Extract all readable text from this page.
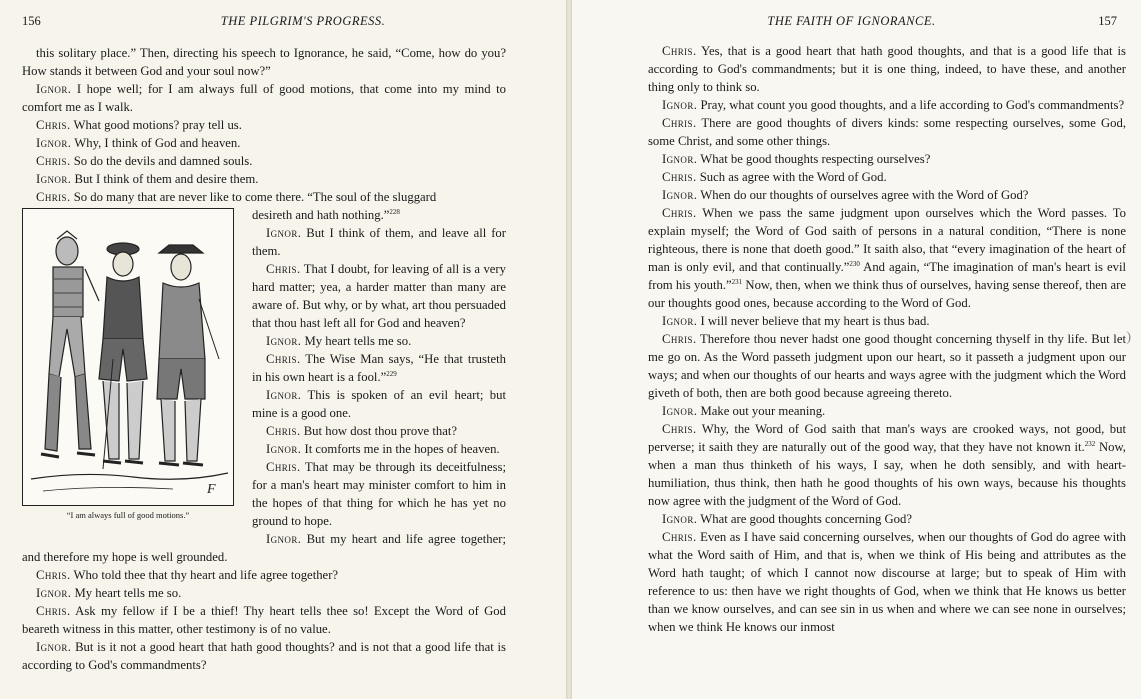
156	THE PILGRIM'S PROGRESS.

this solitary place.” Then, directing his speech to Ignorance, he said, “Come, how do you? How stands it between God and your soul now?”

Ignor. I hope well; for I am always full of good motions, that come into my mind to comfort me as I walk.

Chris. What good motions? pray tell us.

Ignor. Why, I think of God and heaven.

Chris. So do the devils and damned souls.

Ignor. But I think of them and desire them.

Chris. So do many that are never like to come there. “The soul of the sluggard

F
“I am always full of good motions.”

desireth and hath nothing.”$^{228}$

Ignor. But I think of them, and leave all for them.

Chris. That I doubt, for leaving of all is a very hard matter; yea, a harder matter than many are aware of. But why, or by what, art thou persuaded that thou hast left all for God and heaven?

Ignor. My heart tells me so.

Chris. The Wise Man says, “He that trusteth in his own heart is a fool.”$^{229}$

Ignor. This is spoken of an evil heart; but mine is a good one.

Chris. But how dost thou prove that?

Ignor. It comforts me in the hopes of heaven.

Chris. That may be through its deceitfulness; for a man's heart may minister comfort to him in the hopes of that thing for which he has yet no ground to hope.

Ignor. But my heart and life agree together; and therefore my hope is well grounded.

Chris. Who told thee that thy heart and life agree together?

Ignor. My heart tells me so.

Chris. Ask my fellow if I be a thief! Thy heart tells thee so! Except the Word of God beareth witness in this matter, other testimony is of no value.

Ignor. But is it not a good heart that hath good thoughts? and is not that a good life that is according to God's commandments?

THE FAITH OF IGNORANCE.	157

Chris. Yes, that is a good heart that hath good thoughts, and that is a good life that is according to God's commandments; but it is one thing, indeed, to have these, and another thing only to think so.

Ignor. Pray, what count you good thoughts, and a life according to God's commandments?

Chris. There are good thoughts of divers kinds: some respecting ourselves, some God, some Christ, and some other things.

Ignor. What be good thoughts respecting ourselves?

Chris. Such as agree with the Word of God.

Ignor. When do our thoughts of ourselves agree with the Word of God?

Chris. When we pass the same judgment upon ourselves which the Word passes. To explain myself; the Word of God saith of persons in a natural condition, “There is none righteous, there is none that doeth good.” It saith also, that “every imagination of the heart of man is only evil, and that continually.”$^{230}$ And again, “The imagination of man's heart is evil from his youth.”$^{231}$ Now, then, when we think thus of ourselves, having sense thereof, then are our thoughts good ones, because according to the Word of God.

Ignor. I will never believe that my heart is thus bad.

Chris. Therefore thou never hadst one good thought concerning thyself in thy life. But let me go on. As the Word passeth judgment upon our heart, so it passeth a judgment upon our ways; and when our thoughts of our hearts and ways agree with the judgment which the Word giveth of both, then are both good because agreeing thereto.

Ignor. Make out your meaning.

Chris. Why, the Word of God saith that man's ways are crooked ways, not good, but perverse; it saith they are naturally out of the good way, that they have not known it.$^{232}$ Now, when a man thus thinketh of his ways, I say, when he doth sensibly, and with heart-humiliation, thus think, then hath he good thoughts of his own ways, because his thoughts now agree with the judgment of the Word of God.

Ignor. What are good thoughts concerning God?

Chris. Even as I have said concerning ourselves, when our thoughts of God do agree with what the Word saith of Him, and that is, when we think of His being and attributes as the Word hath taught; of which I cannot now discourse at large; but to speak of Him with reference to us: then have we right thoughts of God, when we think that He knows us better than we know ourselves, and can see sin in us when and where we can see none in ourselves; when we think He knows our inmost

)
